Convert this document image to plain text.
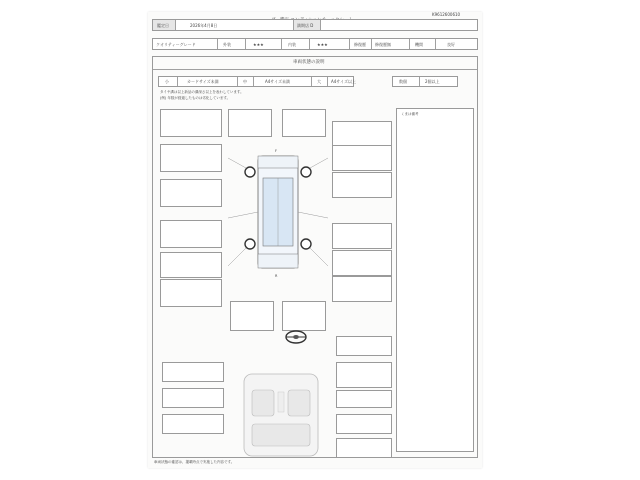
K9612600610
鑑定日	2026年4月8日	満期店 D
クオリティーグレード	外装	★★★	内装	★★★	修復歴 修復歴無	機関	良好
車両状態の説明
小	カードサイズ未満	中	A4サイズ未満	大	A4サイズ以上	数個	2個以上
タイヤ溝は以上新品の溝深さ以上を表わしています。
(例) 年数が経過したものは劣化しています。
くまは備考
F
R
車両状態の確認は、掲載時点で実施した内容です。
